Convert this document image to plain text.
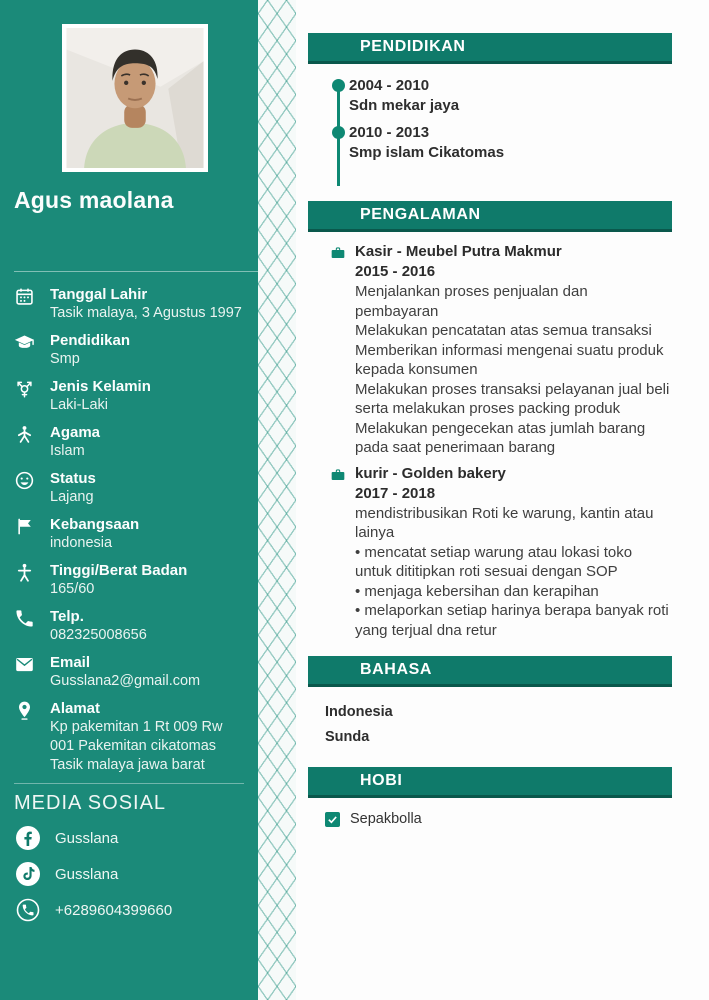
Agus maolana
Tanggal Lahir
Tasik malaya, 3 Agustus 1997
Pendidikan
Smp
Jenis Kelamin
Laki-Laki
Agama
Islam
Status
Lajang
Kebangsaan
indonesia
Tinggi/Berat Badan
165/60
Telp.
082325008656
Email
Gusslana2@gmail.com
Alamat
Kp pakemitan 1 Rt 009 Rw 001 Pakemitan cikatomas Tasik malaya jawa barat
MEDIA SOSIAL
Gusslana
Gusslana
+6289604399660
PENDIDIKAN
2004 - 2010
Sdn mekar jaya
2010 - 2013
Smp islam Cikatomas
PENGALAMAN
Kasir - Meubel Putra Makmur
2015 - 2016
Menjalankan proses penjualan dan pembayaran
Melakukan pencatatan atas semua transaksi
Memberikan informasi mengenai suatu produk kepada konsumen
Melakukan proses transaksi pelayanan jual beli serta melakukan proses packing produk
Melakukan pengecekan atas jumlah barang pada saat penerimaan barang
kurir - Golden bakery
2017 - 2018
mendistribusikan Roti ke warung, kantin atau lainya
• mencatat setiap warung atau lokasi toko untuk dititipkan roti sesuai dengan SOP
• menjaga kebersihan dan kerapihan
• melaporkan setiap harinya berapa banyak roti yang terjual dna retur
BAHASA
Indonesia
Sunda
HOBI
Sepakbolla
